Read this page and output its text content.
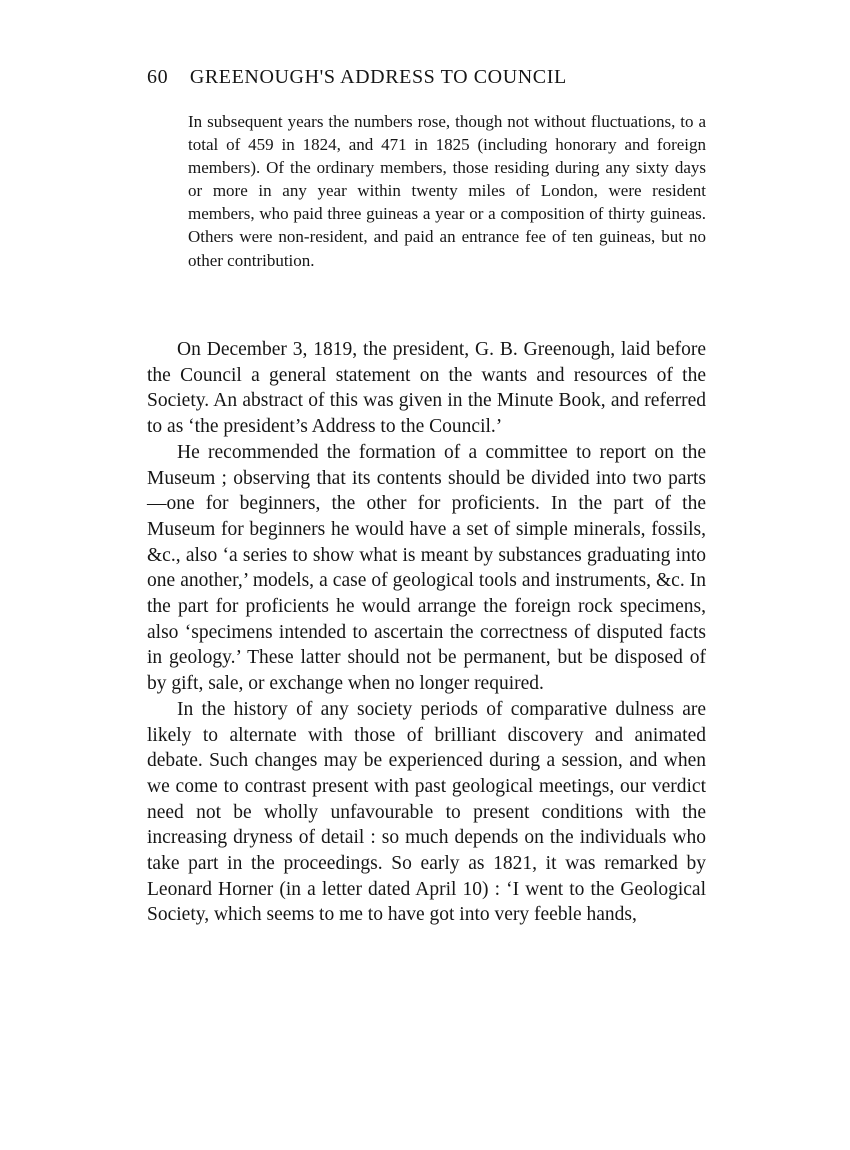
60 GREENOUGH'S ADDRESS TO COUNCIL

In subsequent years the numbers rose, though not without fluctuations, to a total of 459 in 1824, and 471 in 1825 (including honorary and foreign members). Of the ordinary members, those residing during any sixty days or more in any year within twenty miles of London, were resident members, who paid three guineas a year or a composition of thirty guineas. Others were non-resident, and paid an entrance fee of ten guineas, but no other contribution.

On December 3, 1819, the president, G. B. Greenough, laid before the Council a general statement on the wants and resources of the Society. An abstract of this was given in the Minute Book, and referred to as ‘the president’s Address to the Council.’

He recommended the formation of a committee to report on the Museum ; observing that its contents should be divided into two parts—one for beginners, the other for proficients. In the part of the Museum for beginners he would have a set of simple minerals, fossils, &c., also ‘a series to show what is meant by substances graduating into one another,’ models, a case of geological tools and instruments, &c. In the part for proficients he would arrange the foreign rock specimens, also ‘specimens intended to ascertain the correctness of disputed facts in geology.’ These latter should not be permanent, but be disposed of by gift, sale, or exchange when no longer required.

In the history of any society periods of comparative dulness are likely to alternate with those of brilliant discovery and animated debate. Such changes may be experienced during a session, and when we come to contrast present with past geological meetings, our verdict need not be wholly unfavourable to present conditions with the increasing dryness of detail : so much depends on the individuals who take part in the proceedings. So early as 1821, it was remarked by Leonard Horner (in a letter dated April 10) : ‘I went to the Geological Society, which seems to me to have got into very feeble hands,
